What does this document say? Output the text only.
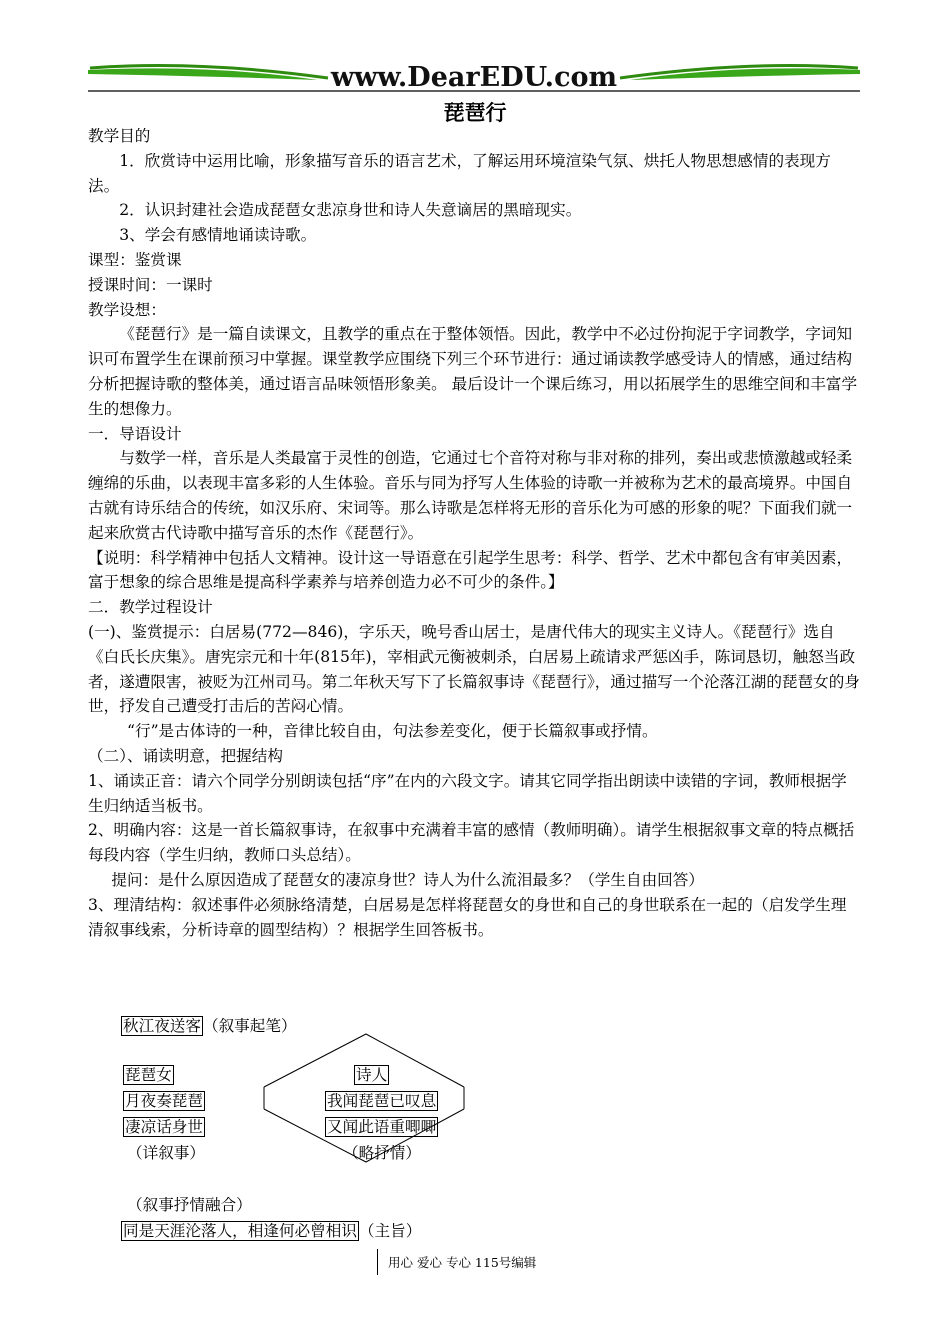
www.DearEDU.com
琵琶行

教学目的

1．欣赏诗中运用比喻，形象描写音乐的语言艺术，了解运用环境渲染气氛、烘托人物思想感情的表现方法。

2．认识封建社会造成琵琶女悲凉身世和诗人失意谪居的黑暗现实。

3、学会有感情地诵读诗歌。

课型：鉴赏课

授课时间：一课时

教学设想：

《琵琶行》是一篇自读课文，且教学的重点在于整体领悟。因此，教学中不必过份拘泥于字词教学，字词知识可布置学生在课前预习中掌握。课堂教学应围绕下列三个环节进行：通过诵读教学感受诗人的情感，通过结构分析把握诗歌的整体美，通过语言品味领悟形象美。 最后设计一个课后练习，用以拓展学生的思维空间和丰富学生的想像力。

一．导语设计

与数学一样，音乐是人类最富于灵性的创造，它通过七个音符对称与非对称的排列，奏出或悲愤激越或轻柔缠绵的乐曲，以表现丰富多彩的人生体验。音乐与同为抒写人生体验的诗歌一并被称为艺术的最高境界。中国自古就有诗乐结合的传统，如汉乐府、宋词等。那么诗歌是怎样将无形的音乐化为可感的形象的呢？下面我们就一起来欣赏古代诗歌中描写音乐的杰作《琵琶行》。

【说明：科学精神中包括人文精神。设计这一导语意在引起学生思考：科学、哲学、艺术中都包含有审美因素，富于想象的综合思维是提高科学素养与培养创造力必不可少的条件。】

二．教学过程设计

(一)、鉴赏提示：白居易(772—846)，字乐天，晚号香山居士，是唐代伟大的现实主义诗人。《琵琶行》选自《白氏长庆集》。唐宪宗元和十年(815年)，宰相武元衡被刺杀，白居易上疏请求严惩凶手，陈词恳切，触怒当政者，遂遭限害，被贬为江州司马。第二年秋天写下了长篇叙事诗《琵琶行》，通过描写一个沦落江湖的琵琶女的身世，抒发自己遭受打击后的苦闷心情。

“行”是古体诗的一种，音律比较自由，句法参差变化，便于长篇叙事或抒情。

（二）、诵读明意，把握结构

1、诵读正音：请六个同学分别朗读包括“序”在内的六段文字。请其它同学指出朗读中读错的字词，教师根据学生归纳适当板书。

2、明确内容：这是一首长篇叙事诗，在叙事中充满着丰富的感情（教师明确）。请学生根据叙事文章的特点概括每段内容（学生归纳，教师口头总结）。

提问：是什么原因造成了琵琶女的凄凉身世？诗人为什么流泪最多？（学生自由回答）

3、理清结构：叙述事件必须脉络清楚，白居易是怎样将琵琶女的身世和自己的身世联系在一起的（启发学生理清叙事线索，分析诗章的圆型结构）？根据学生回答板书。

秋江夜送客 （叙事起笔）
琵琶女
月夜奏琵琶
凄凉话身世
（详叙事）
诗人
我闻琵琶已叹息
又闻此语重唧唧
（略抒情）
（叙事抒情融合）
同是天涯沦落人，相逢何必曾相识 （主旨）
用心 爱心 专心 115号编辑
